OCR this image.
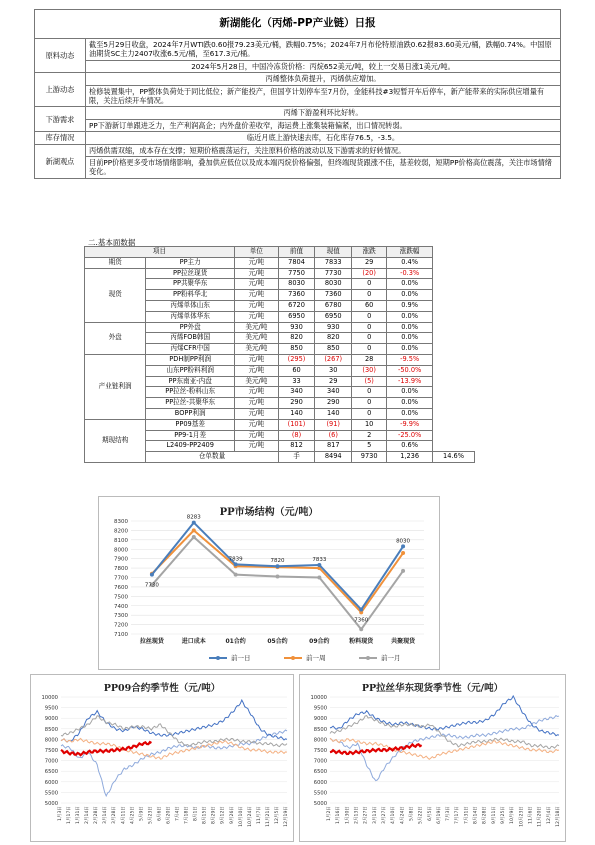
新湖能化（丙烯-PP产业链）日报	
原料动态	截至5月29日收盘，2024年7月WTI跌0.60报79.23美元/桶，跌幅0.75%；2024年7月布伦特原油跌0.62报83.60美元/桶，跌幅0.74%。中国原油期货SC主力2407收涨6.5元/桶，至617.3元/桶。
	2024年5月28日，中国冷冻货价格：丙烷652美元/吨，较上一交易日涨1美元/吨。
上游动态	丙烯整体负荷提升，丙烯供应增加。
	检修装置集中，PP整体负荷处于同比低位；新产能投产，但国亨计划停车至7月份，金能科技#3短暂开车后停车，新产能带来的实际供应增量有限，关注后续开车情况。
下游需求	丙烯下游盈利环比好转。
	PP下游新订单跟进乏力，生产利润高企；内外盘价差收窄，海运费上涨集装箱偏紧，出口情况转弱。
库存情况	临近月底上游快速去库，石化库存76.5，-3.5。
新湖观点	丙烯供需双缩，成本存在支撑；短期价格震荡运行，关注原料价格的波动以及下游需求的好转情况。
	目前PP价格更多受市场情绪影响，叠加供应低位以及成本端丙烷价格偏强，但终端现货跟涨不佳，基差较弱，短期PP价格高位震荡，关注市场情绪变化。
二.基本面数据
项目		单位	前值	现值	涨跌	涨跌幅	
期货	PP主力	元/吨	7804	7833	29	0.4%	
现货	PP拉丝现货	元/吨	7750	7730	(20)	-0.3%	
	PP共聚华东	元/吨	8030	8030	0	0.0%	
	PP粉料华北	元/吨	7360	7360	0	0.0%	
	丙烯单体山东	元/吨	6720	6780	60	0.9%	
	丙烯单体华东	元/吨	6950	6950	0	0.0%	
外盘	PP外盘	美元/吨	930	930	0	0.0%	
	丙烯FOB韩国	美元/吨	820	820	0	0.0%	
	丙烯CFR中国	美元/吨	850	850	0	0.0%	
产业链利润	PDH制PP利润	元/吨	(295)	(267)	28	-9.5%	
	山东PP粉料利润	元/吨	60	30	(30)	-50.0%	
	PP东南亚-内盘	美元/吨	33	29	(5)	-13.9%	
	PP拉丝-粉料山东	元/吨	340	340	0	0.0%	
	PP拉丝-共聚华东	元/吨	290	290	0	0.0%	
	BOPP利润	元/吨	140	140	0	0.0%	
期现结构	PP09基差	元/吨	(101)	(91)	10	-9.9%	
	PP9-1月差	元/吨	(8)	(6)	2	-25.0%	
	L2409-PP2409	元/吨	812	817	5	0.6%	
	仓单数量		手	8494	9730	1,236	14.6%
PP市场结构（元/吨）
7100
7200
7300
7400
7500
7600
7700
7800
7900
8000
8100
8200
8300
拉丝现货	进口成本	01合约	05合约	09合约	粉料现货	共聚现货
7730
8283
7839	7820	7833
7360
8030
前一日	前一周	前一月
PP09合约季节性（元/吨）
5000
5500
6000
6500
7000
7500
8000
8500
9000
9500
10000
1月3日 1月17日 1月31日 2月14日 2月28日 3月14日 3月28日 4月11日 4月25日 5月9日 5月23日 6月6日 6月20日 7月4日 7月18日 8月1日 8月15日 8月29日 9月12日 9月26日 10月10日 10月24日 11月7日 11月21日 12月5日 12月19日
PP拉丝华东现货季节性（元/吨）
5000
5500
6000
6500
7000
7500
8000
8500
9000
9500
10000
1月2日 1月16日 1月30日 2月13日 2月27日 3月13日 3月27日 4月10日 4月24日 5月8日 5月22日 6月5日 6月19日 7月3日 7月17日 7月31日 8月14日 8月28日 9月11日 9月25日 10月9日 10月23日 11月6日 11月20日 12月4日 12月18日
